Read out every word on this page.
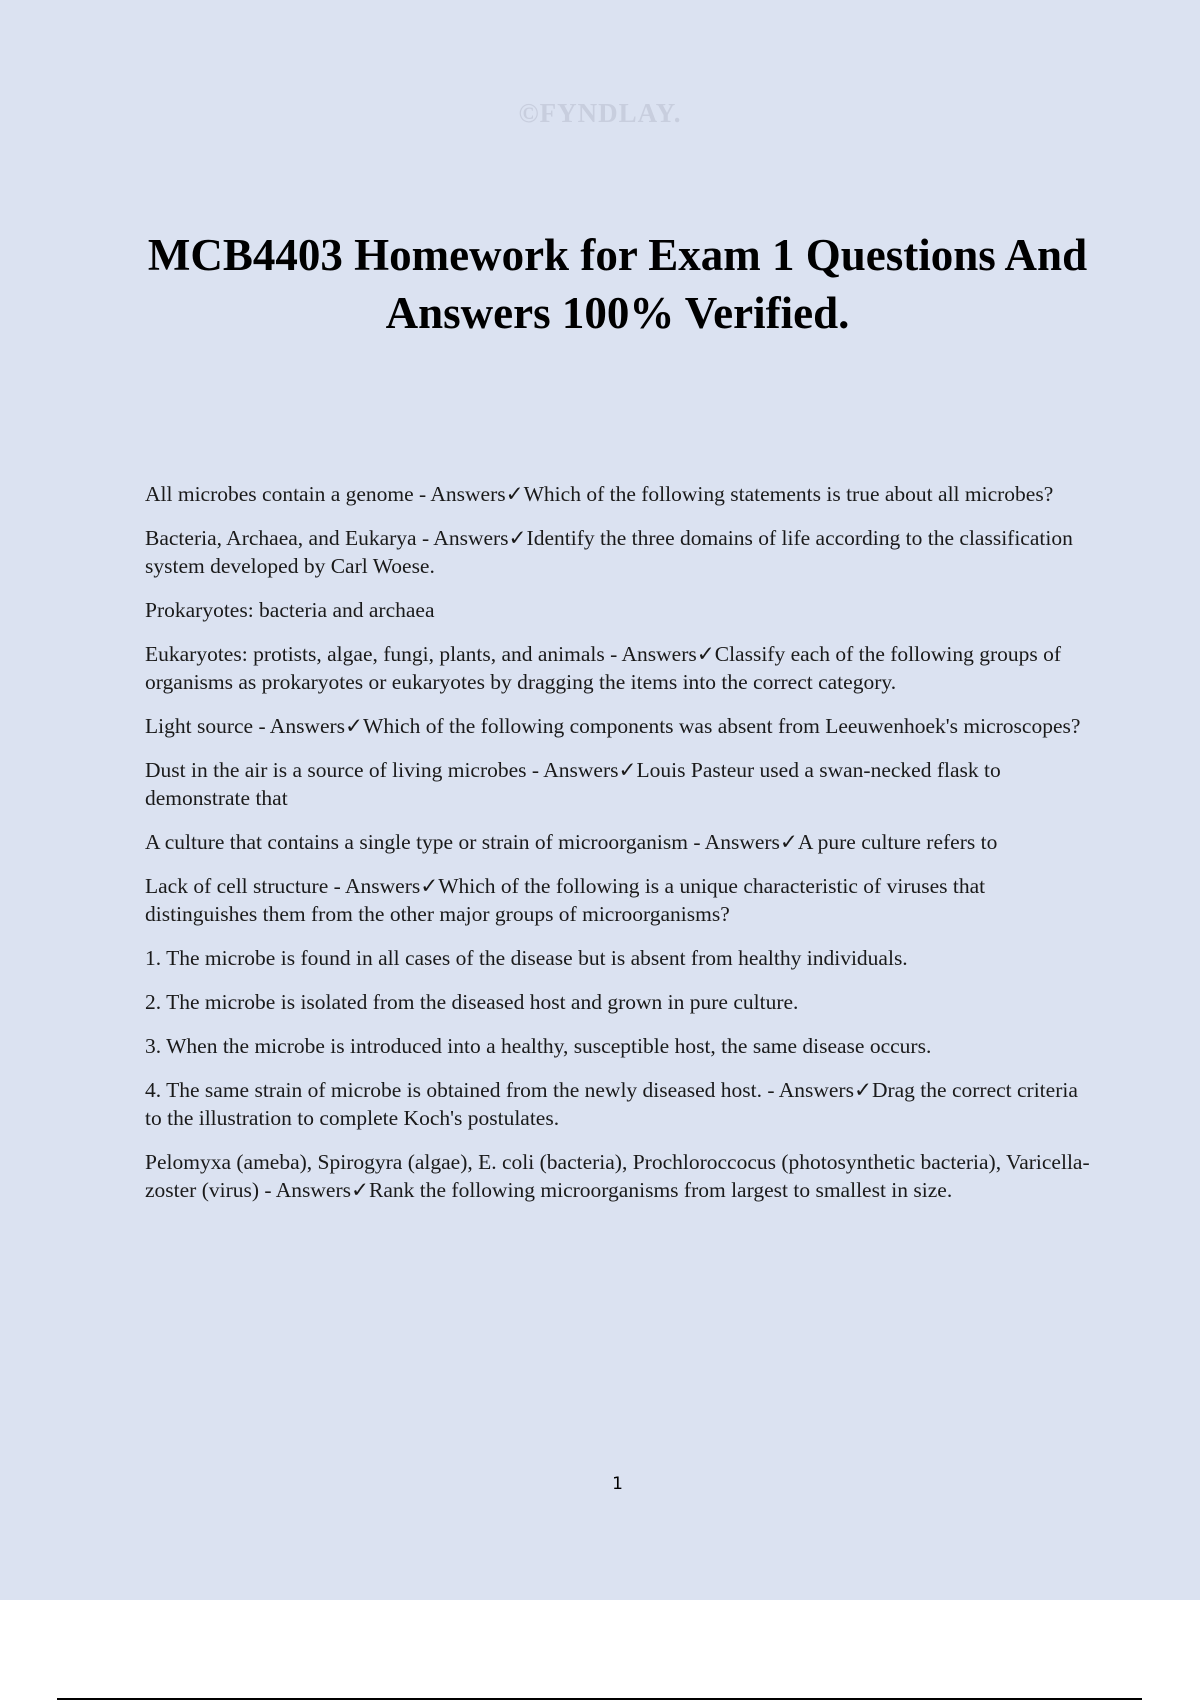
©FYNDLAY.
MCB4403 Homework for Exam 1 Questions And Answers 100% Verified.

All microbes contain a genome - Answers✓Which of the following statements is true about all microbes?

Bacteria, Archaea, and Eukarya - Answers✓Identify the three domains of life according to the classification system developed by Carl Woese.

Prokaryotes: bacteria and archaea

Eukaryotes: protists, algae, fungi, plants, and animals - Answers✓Classify each of the following groups of organisms as prokaryotes or eukaryotes by dragging the items into the correct category.

Light source - Answers✓Which of the following components was absent from Leeuwenhoek's microscopes?

Dust in the air is a source of living microbes - Answers✓Louis Pasteur used a swan-necked flask to demonstrate that

A culture that contains a single type or strain of microorganism - Answers✓A pure culture refers to

Lack of cell structure - Answers✓Which of the following is a unique characteristic of viruses that distinguishes them from the other major groups of microorganisms?

1. The microbe is found in all cases of the disease but is absent from healthy individuals.

2. The microbe is isolated from the diseased host and grown in pure culture.

3. When the microbe is introduced into a healthy, susceptible host, the same disease occurs.

4. The same strain of microbe is obtained from the newly diseased host. - Answers✓Drag the correct criteria to the illustration to complete Koch's postulates.

Pelomyxa (ameba), Spirogyra (algae), E. coli (bacteria), Prochloroccocus (photosynthetic bacteria), Varicella-zoster (virus) - Answers✓Rank the following microorganisms from largest to smallest in size.

1
